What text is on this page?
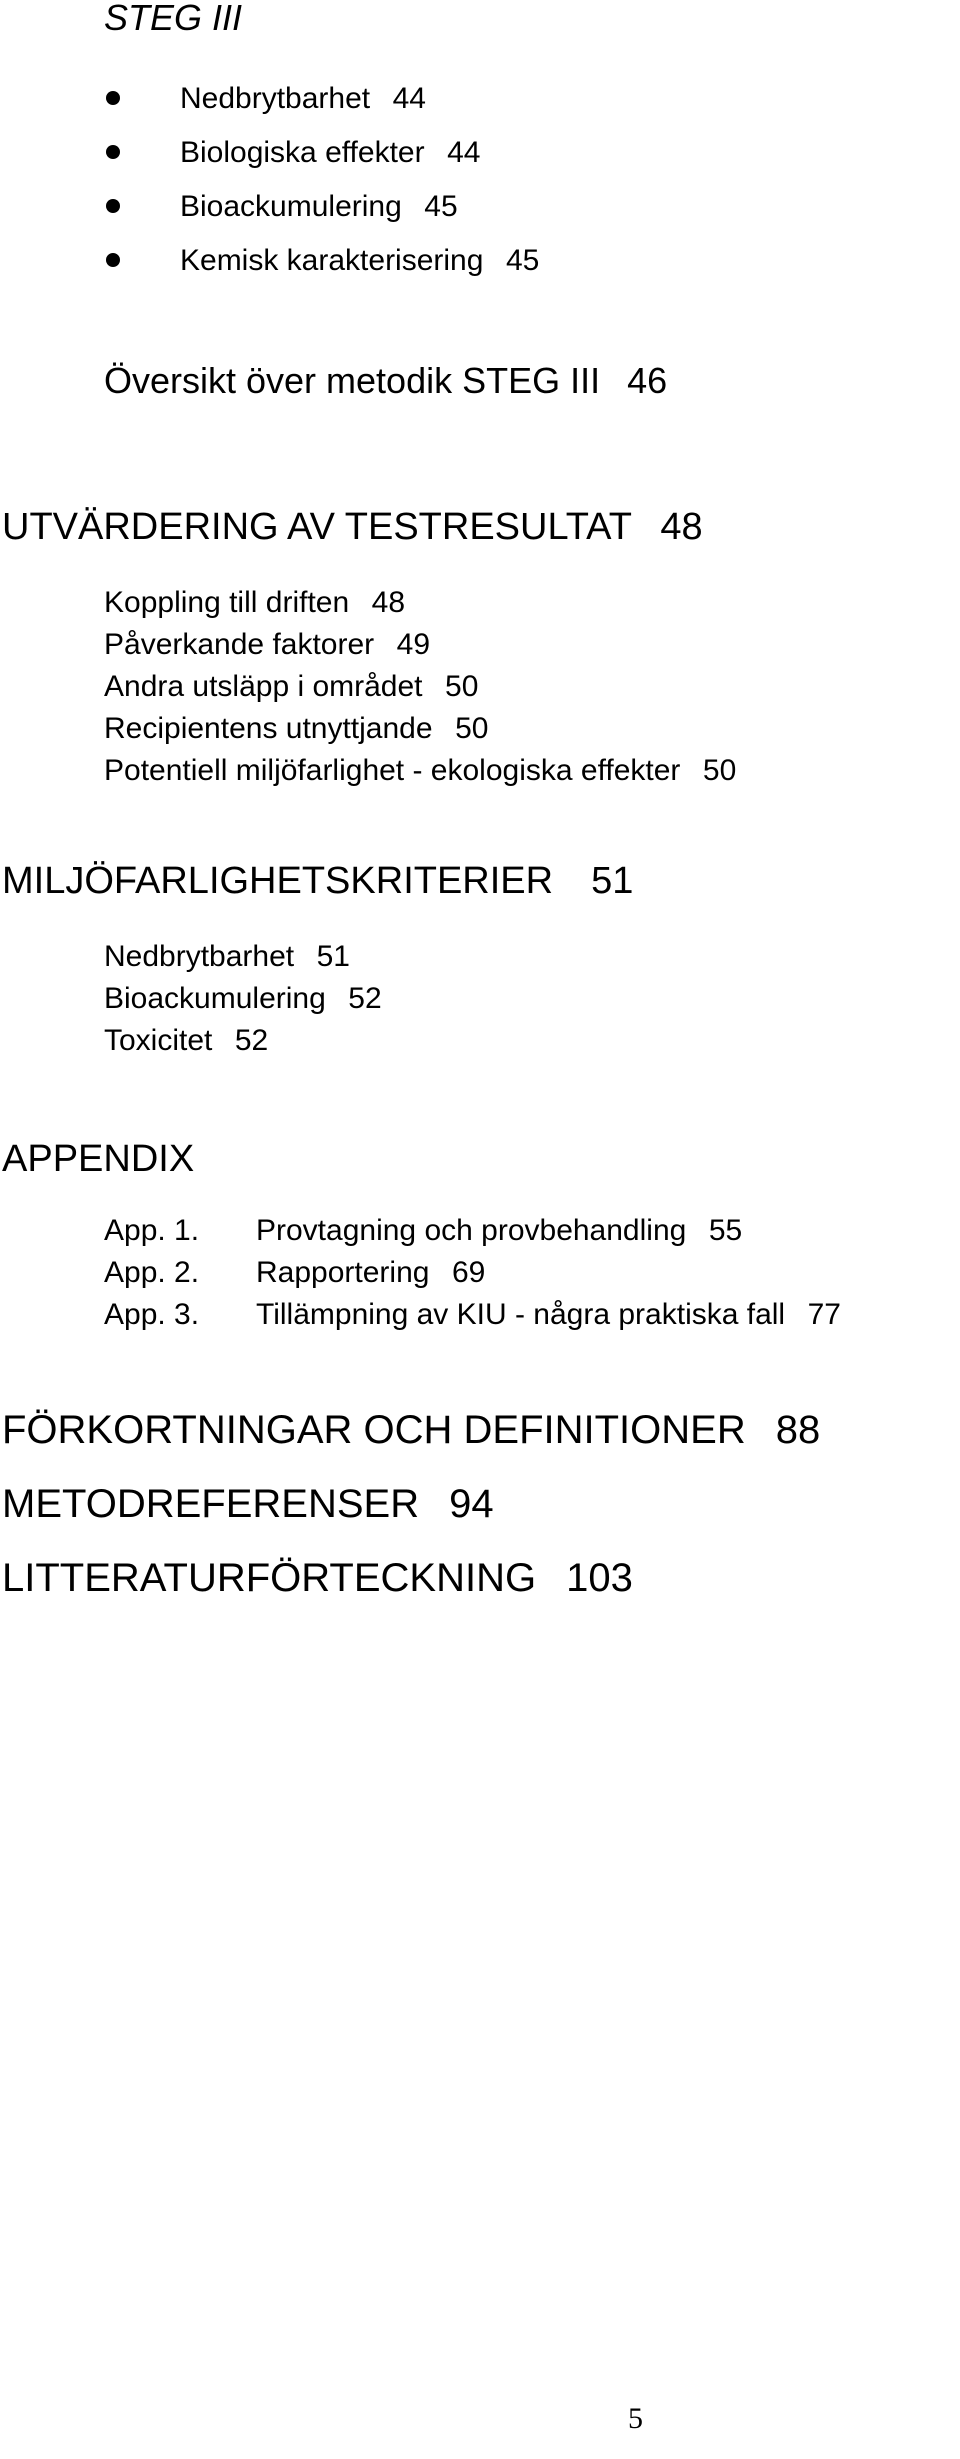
STEG III
Nedbrytbarhet 44
Biologiska effekter 44
Bioackumulering 45
Kemisk karakterisering 45
Översikt över metodik STEG III 46
UTVÄRDERING AV TESTRESULTAT 48
Koppling till driften 48
Påverkande faktorer 49
Andra utsläpp i området 50
Recipientens utnyttjande 50
Potentiell miljöfarlighet - ekologiska effekter 50
MILJÖFARLIGHETSKRITERIER 51
Nedbrytbarhet 51
Bioackumulering 52
Toxicitet 52
APPENDIX
App. 1. Provtagning och provbehandling 55
App. 2. Rapportering 69
App. 3. Tillämpning av KIU - några praktiska fall 77
FÖRKORTNINGAR OCH DEFINITIONER 88
METODREFERENSER 94
LITTERATURFÖRTECKNING 103
5
